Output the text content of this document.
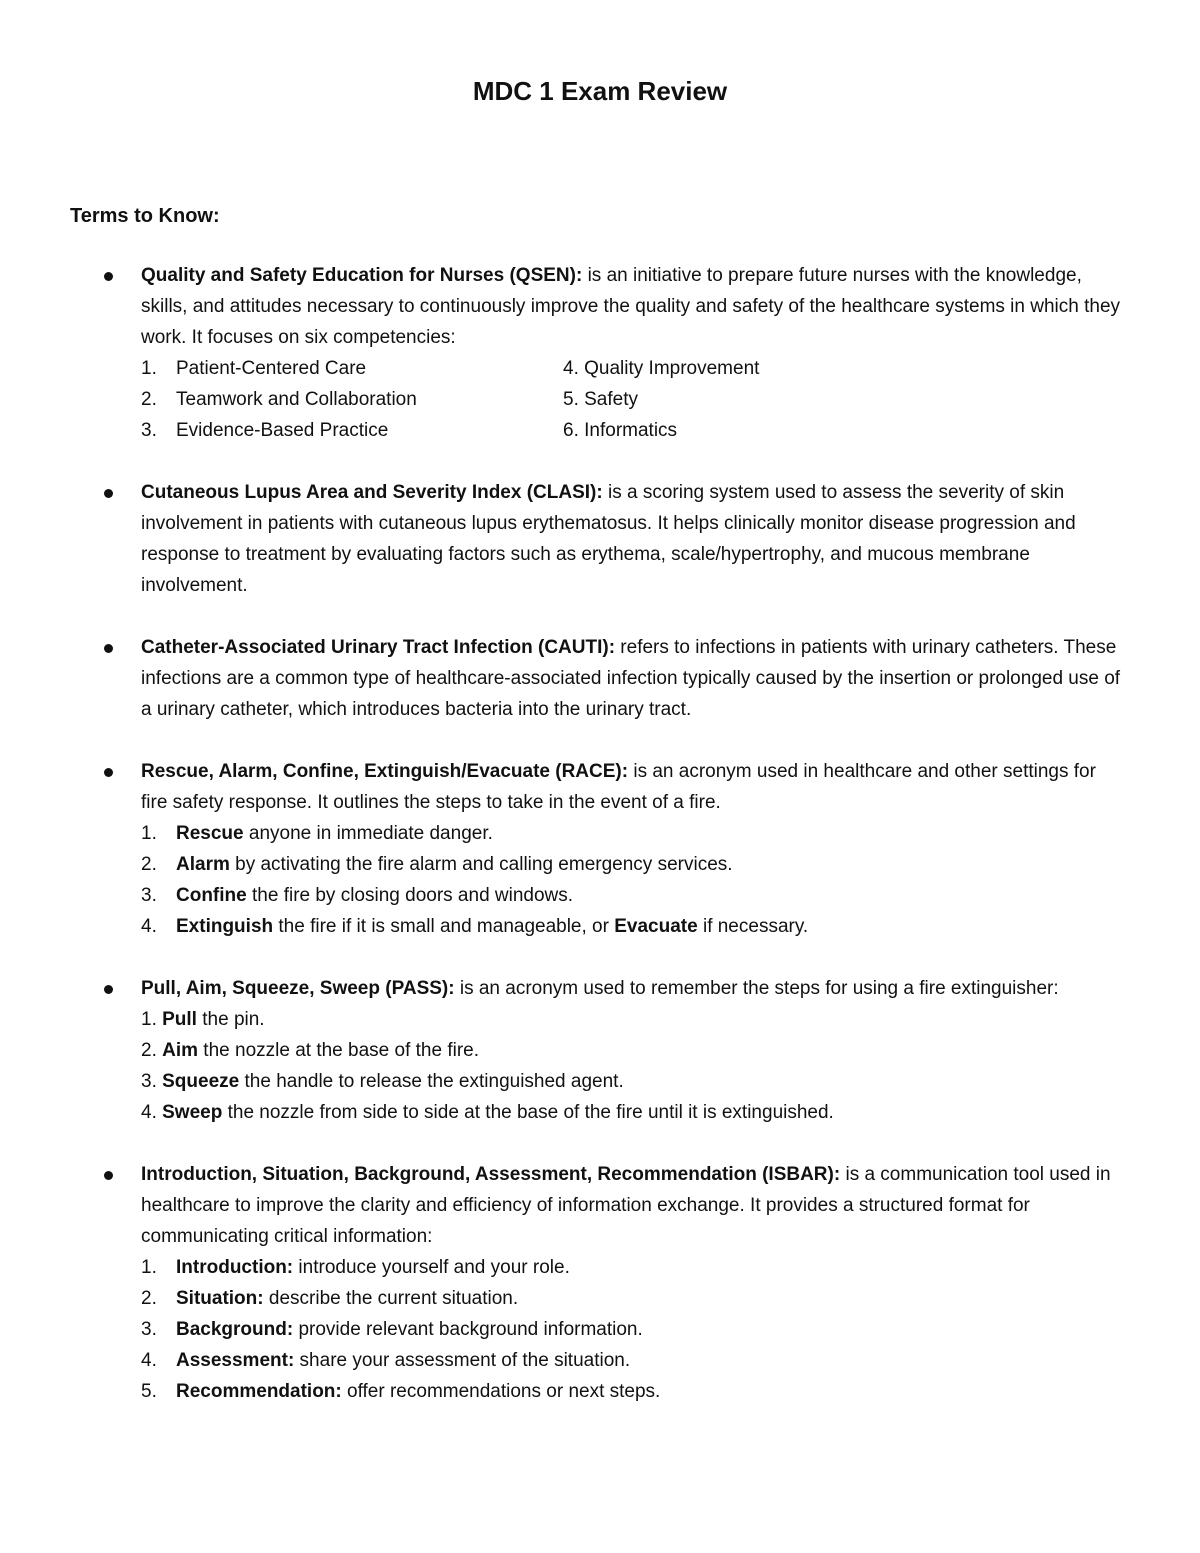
MDC 1 Exam Review
Terms to Know:
Quality and Safety Education for Nurses (QSEN): is an initiative to prepare future nurses with the knowledge, skills, and attitudes necessary to continuously improve the quality and safety of the healthcare systems in which they work. It focuses on six competencies:
1. Patient-Centered Care	4. Quality Improvement
2. Teamwork and Collaboration	5. Safety
3. Evidence-Based Practice	6. Informatics
Cutaneous Lupus Area and Severity Index (CLASI): is a scoring system used to assess the severity of skin involvement in patients with cutaneous lupus erythematosus. It helps clinically monitor disease progression and response to treatment by evaluating factors such as erythema, scale/hypertrophy, and mucous membrane involvement.
Catheter-Associated Urinary Tract Infection (CAUTI): refers to infections in patients with urinary catheters. These infections are a common type of healthcare-associated infection typically caused by the insertion or prolonged use of a urinary catheter, which introduces bacteria into the urinary tract.
Rescue, Alarm, Confine, Extinguish/Evacuate (RACE): is an acronym used in healthcare and other settings for fire safety response. It outlines the steps to take in the event of a fire.
1. Rescue anyone in immediate danger.
2. Alarm by activating the fire alarm and calling emergency services.
3. Confine the fire by closing doors and windows.
4. Extinguish the fire if it is small and manageable, or Evacuate if necessary.
Pull, Aim, Squeeze, Sweep (PASS): is an acronym used to remember the steps for using a fire extinguisher:
1. Pull the pin.
2. Aim the nozzle at the base of the fire.
3. Squeeze the handle to release the extinguished agent.
4. Sweep the nozzle from side to side at the base of the fire until it is extinguished.
Introduction, Situation, Background, Assessment, Recommendation (ISBAR): is a communication tool used in healthcare to improve the clarity and efficiency of information exchange. It provides a structured format for communicating critical information:
1. Introduction: introduce yourself and your role.
2. Situation: describe the current situation.
3. Background: provide relevant background information.
4. Assessment: share your assessment of the situation.
5. Recommendation: offer recommendations or next steps.
